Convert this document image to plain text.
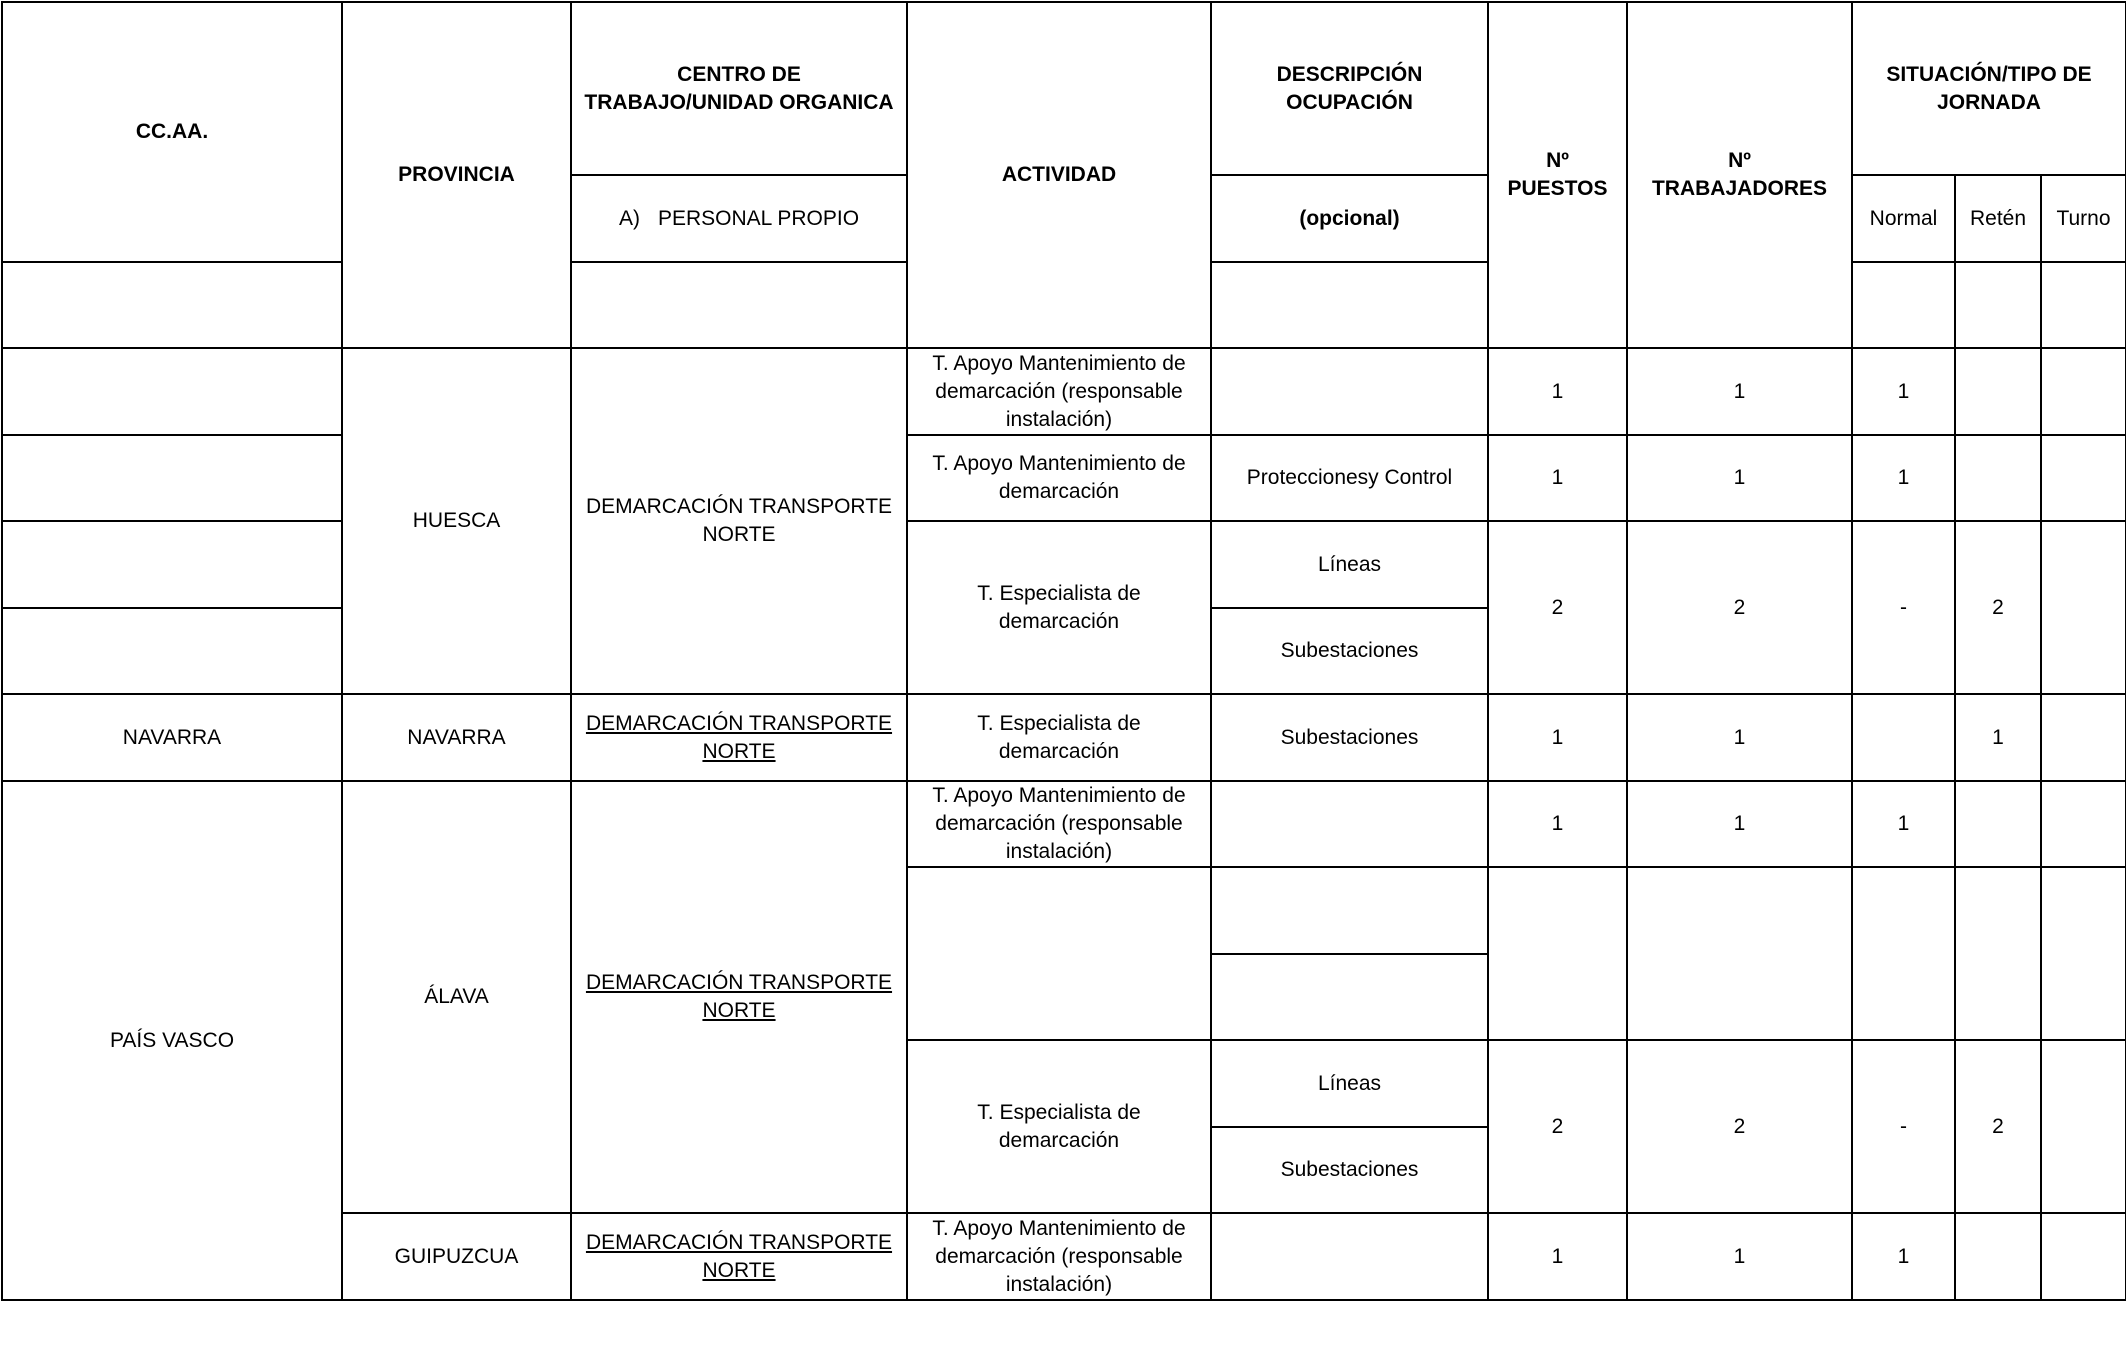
CC.AA.	PROVINCIA	CENTRO DE TRABAJO/UNIDAD ORGANICA	ACTIVIDAD	DESCRIPCIÓN OCUPACIÓN	Nº PUESTOS	Nº TRABAJADORES	SITUACIÓN/TIPO DE JORNADA		
		A) PERSONAL PROPIO		(opcional)			Normal	Retén	Turno

	HUESCA	DEMARCACIÓN TRANSPORTE NORTE	T. Apoyo Mantenimiento de demarcación (responsable instalación)		1	1	1		
			T. Apoyo Mantenimiento de demarcación	Proteccionesy Control	1	1	1		
			T. Especialista de demarcación	Líneas	2	2	-	2	
				Subestaciones					
NAVARRA	NAVARRA	DEMARCACIÓN TRANSPORTE NORTE	T. Especialista de demarcación	Subestaciones	1	1		1	
PAÍS VASCO	ÁLAVA	DEMARCACIÓN TRANSPORTE NORTE	T. Apoyo Mantenimiento de demarcación (responsable instalación)		1	1	1		

			T. Especialista de demarcación	Líneas	2	2	-	2	
				Subestaciones					
	GUIPUZCUA	DEMARCACIÓN TRANSPORTE NORTE	T. Apoyo Mantenimiento de demarcación (responsable instalación)		1	1	1		
